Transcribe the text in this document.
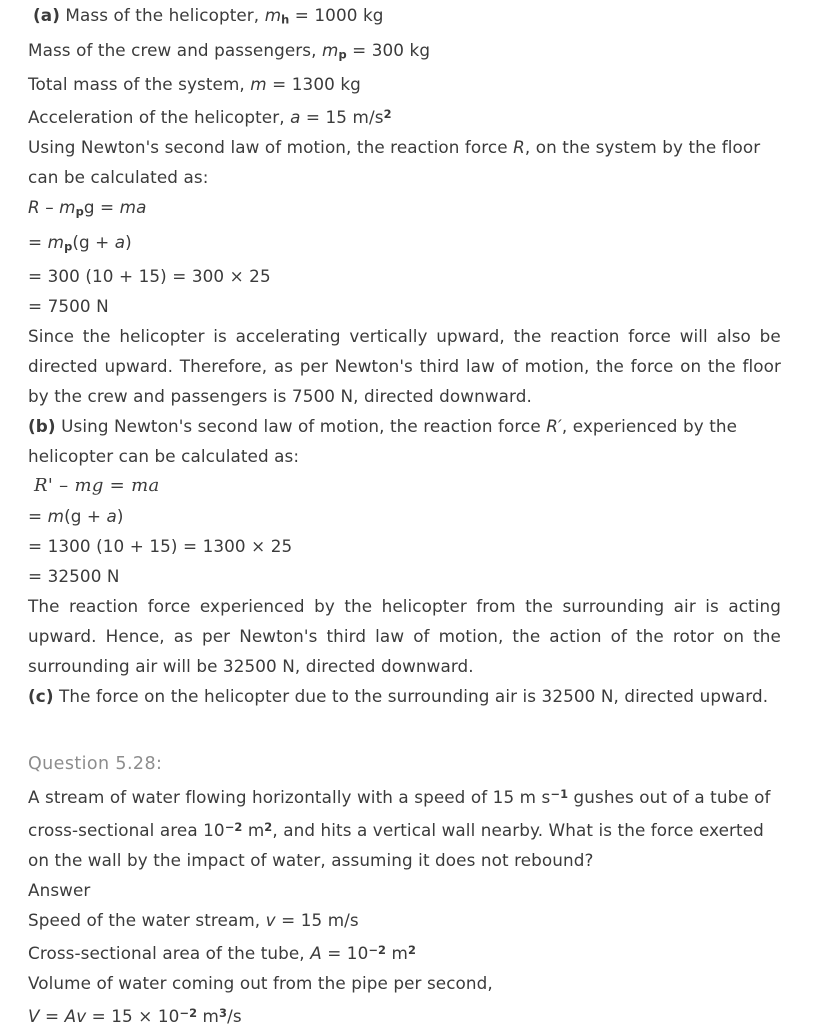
(a) Mass of the helicopter, $m_h = 1000$ kg
Mass of the crew and passengers, $m_p = 300$ kg
Total mass of the system, m = 1300 kg
Acceleration of the helicopter, a = 15 $m/s^2$
Using Newton's second law of motion, the reaction force R, on the system by the floor
can be calculated as:
R – $m_pg$ = ma
= $m_p(g + a)$
= 300 (10 + 15) = 300 × 25
= 7500 N
Since the helicopter is accelerating vertically upward, the reaction force will also be
directed upward. Therefore, as per Newton's third law of motion, the force on the floor
by the crew and passengers is 7500 N, directed downward.
(b) Using Newton's second law of motion, the reaction force R′, experienced by the
helicopter can be calculated as:
R' – mg = ma
= m(g + a)
= 1300 (10 + 15) = 1300 × 25
= 32500 N
The reaction force experienced by the helicopter from the surrounding air is acting
upward. Hence, as per Newton's third law of motion, the action of the rotor on the
surrounding air will be 32500 N, directed downward.
(c) The force on the helicopter due to the surrounding air is 32500 N, directed upward.
Question 5.28:
A stream of water flowing horizontally with a speed of 15 m $s^{-1}$ gushes out of a tube of
cross-sectional area $10^{-2}$ $m^2$, and hits a vertical wall nearby. What is the force exerted
on the wall by the impact of water, assuming it does not rebound?
Answer
Speed of the water stream, v = 15 m/s
Cross-sectional area of the tube, $A = 10^{-2}$ $m^2$
Volume of water coming out from the pipe per second,
$V = Av = 15 \times 10^{-2}$ $m^3/s$
